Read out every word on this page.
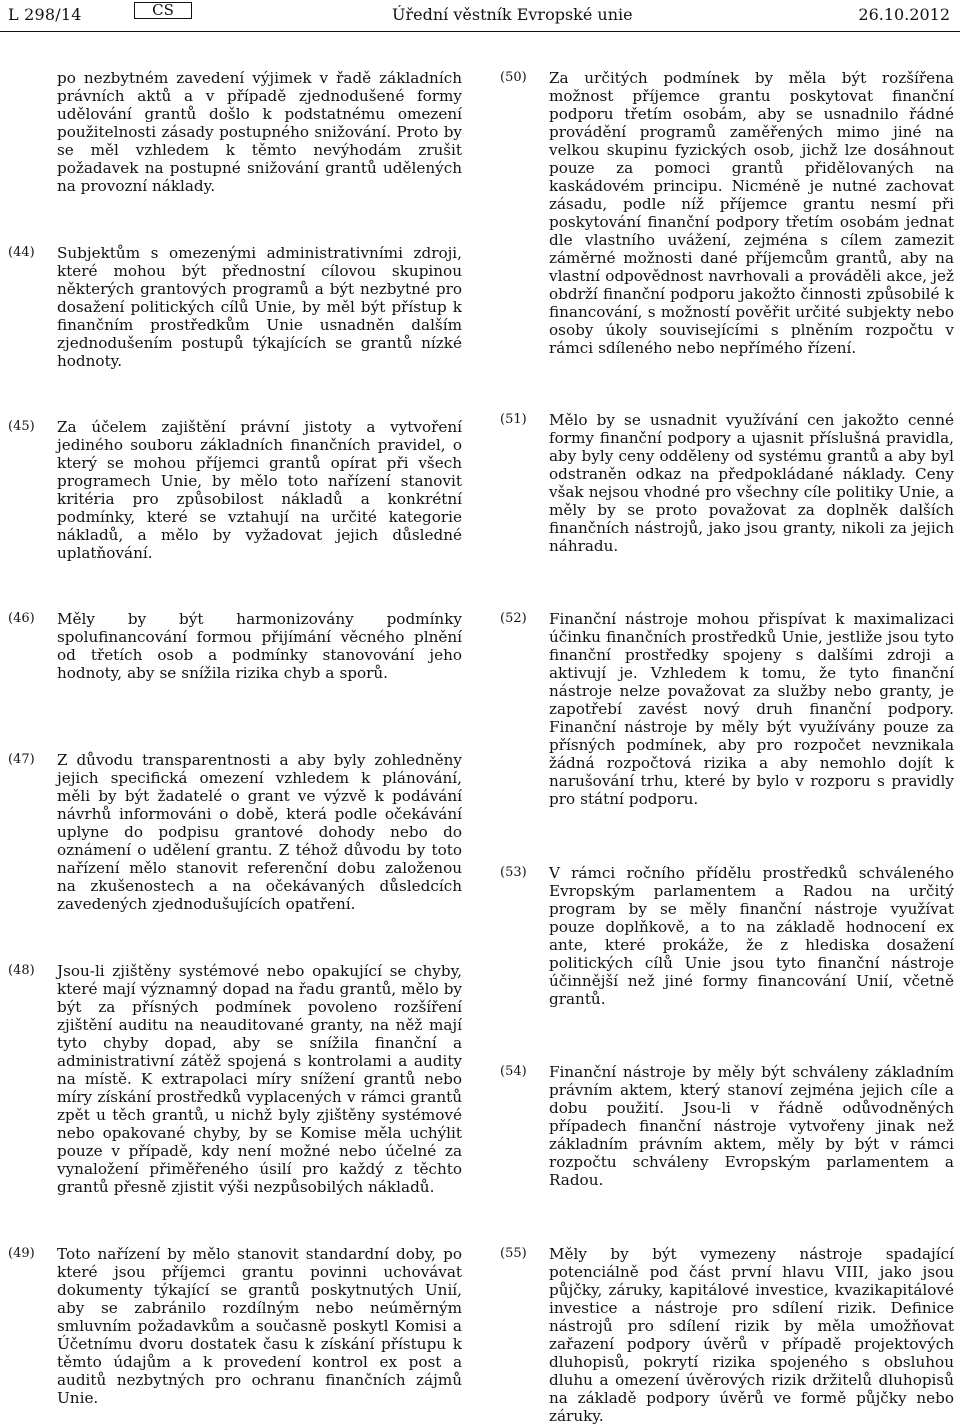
L 298/14	CS	Úřední věstník Evropské unie	26.10.2012
po nezbytném zavedení výjimek v řadě základních právních aktů a v případě zjednodušené formy udělování grantů došlo k podstatnému omezení použitelnosti zásady postupného snižování. Proto by se měl vzhledem k těmto nevýhodám zrušit požadavek na postupné snižování grantů udělených na provozní náklady.
(44) Subjektům s omezenými administrativními zdroji, které mohou být přednostní cílovou skupinou některých grantových programů a být nezbytné pro dosažení politických cílů Unie, by měl být přístup k finančním prostředkům Unie usnadněn dalším zjednodušením postupů týkajících se grantů nízké hodnoty.
(45) Za účelem zajištění právní jistoty a vytvoření jediného souboru základních finančních pravidel, o který se mohou příjemci grantů opírat při všech programech Unie, by mělo toto nařízení stanovit kritéria pro způsobilost nákladů a konkrétní podmínky, které se vztahují na určité kategorie nákladů, a mělo by vyžadovat jejich důsledné uplatňování.
(46) Měly by být harmonizovány podmínky spolufinancování formou přijímání věcného plnění od třetích osob a podmínky stanovování jeho hodnoty, aby se snížila rizika chyb a sporů.
(47) Z důvodu transparentnosti a aby byly zohledněny jejich specifická omezení vzhledem k plánování, měli by být žadatelé o grant ve výzvě k podávání návrhů informováni o době, která podle očekávání uplyne do podpisu grantové dohody nebo do oznámení o udělení grantu. Z téhož důvodu by toto nařízení mělo stanovit referenční dobu založenou na zkušenostech a na očekávaných důsledcích zavedených zjednodušujících opatření.
(48) Jsou-li zjištěny systémové nebo opakující se chyby, které mají významný dopad na řadu grantů, mělo by být za přísných podmínek povoleno rozšíření zjištění auditu na neauditované granty, na něž mají tyto chyby dopad, aby se snížila finanční a administrativní zátěž spojená s kontrolami a audity na místě. K extrapolaci míry snížení grantů nebo míry získání prostředků vyplacených v rámci grantů zpět u těch grantů, u nichž byly zjištěny systémové nebo opakované chyby, by se Komise měla uchýlit pouze v případě, kdy není možné nebo účelné za vynaložení přiměřeného úsilí pro každý z těchto grantů přesně zjistit výši nezpůsobilých nákladů.
(49) Toto nařízení by mělo stanovit standardní doby, po které jsou příjemci grantu povinni uchovávat dokumenty týkající se grantů poskytnutých Unií, aby se zabránilo rozdílným nebo neúměrným smluvním požadavkům a současně poskytl Komisi a Účetnímu dvoru dostatek času k získání přístupu k těmto údajům a k provedení kontrol ex post a auditů nezbytných pro ochranu finančních zájmů Unie.
(50) Za určitých podmínek by měla být rozšířena možnost příjemce grantu poskytovat finanční podporu třetím osobám, aby se usnadnilo řádné provádění programů zaměřených mimo jiné na velkou skupinu fyzických osob, jichž lze dosáhnout pouze za pomoci grantů přidělovaných na kaskádovém principu. Nicméně je nutné zachovat zásadu, podle níž příjemce grantu nesmí při poskytování finanční podpory třetím osobám jednat dle vlastního uvážení, zejména s cílem zamezit záměrné možnosti dané příjemcům grantů, aby na vlastní odpovědnost navrhovali a prováděli akce, jež obdrží finanční podporu jakožto činnosti způsobilé k financování, s možností pověřit určité subjekty nebo osoby úkoly souvisejícími s plněním rozpočtu v rámci sdíleného nebo nepřímého řízení.
(51) Mělo by se usnadnit využívání cen jakožto cenné formy finanční podpory a ujasnit příslušná pravidla, aby byly ceny odděleny od systému grantů a aby byl odstraněn odkaz na předpokládané náklady. Ceny však nejsou vhodné pro všechny cíle politiky Unie, a měly by se proto považovat za doplněk dalších finančních nástrojů, jako jsou granty, nikoli za jejich náhradu.
(52) Finanční nástroje mohou přispívat k maximalizaci účinku finančních prostředků Unie, jestliže jsou tyto finanční prostředky spojeny s dalšími zdroji a aktivují je. Vzhledem k tomu, že tyto finanční nástroje nelze považovat za služby nebo granty, je zapotřebí zavést nový druh finanční podpory. Finanční nástroje by měly být využívány pouze za přísných podmínek, aby pro rozpočet nevznikala žádná rozpočtová rizika a aby nemohlo dojít k narušování trhu, které by bylo v rozporu s pravidly pro státní podporu.
(53) V rámci ročního přídělu prostředků schváleného Evropským parlamentem a Radou na určitý program by se měly finanční nástroje využívat pouze doplňkově, a to na základě hodnocení ex ante, které prokáže, že z hlediska dosažení politických cílů Unie jsou tyto finanční nástroje účinnější než jiné formy financování Unií, včetně grantů.
(54) Finanční nástroje by měly být schváleny základním právním aktem, který stanoví zejména jejich cíle a dobu použití. Jsou-li v řádně odůvodněných případech finanční nástroje vytvořeny jinak než základním právním aktem, měly by být v rámci rozpočtu schváleny Evropským parlamentem a Radou.
(55) Měly by být vymezeny nástroje spadající potenciálně pod část první hlavu VIII, jako jsou půjčky, záruky, kapitálové investice, kvazikapitálové investice a nástroje pro sdílení rizik. Definice nástrojů pro sdílení rizik by měla umožňovat zařazení podpory úvěrů v případě projektových dluhopisů, pokrytí rizika spojeného s obsluhou dluhu a omezení úvěrových rizik držitelů dluhopisů na základě podpory úvěrů ve formě půjčky nebo záruky.
